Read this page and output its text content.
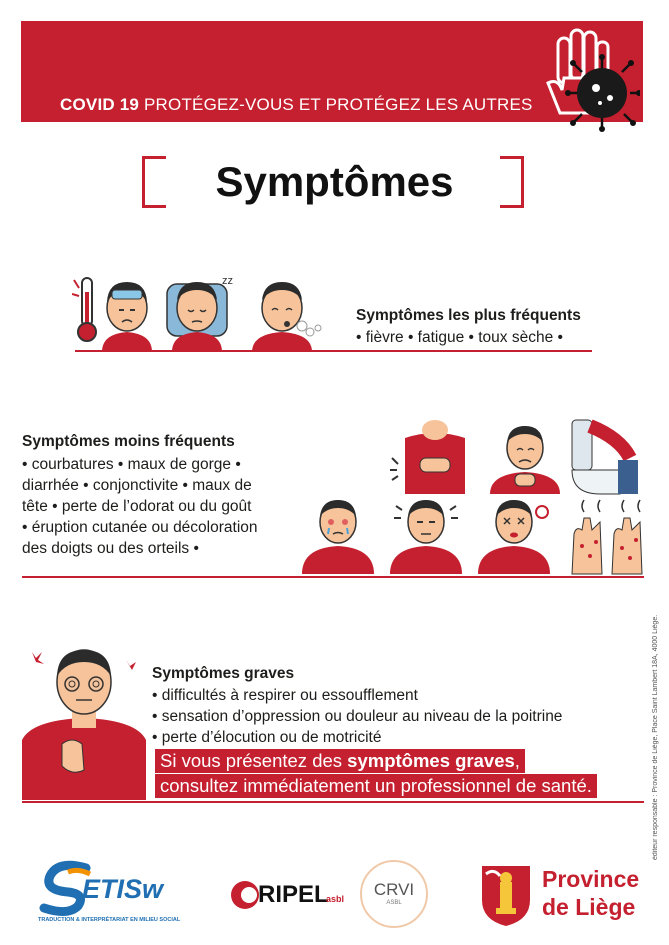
COVID 19 PROTÉGEZ-VOUS ET PROTÉGEZ LES AUTRES
Symptômes
zz
Symptômes les plus fréquents
• fièvre • fatigue • toux sèche •
Symptômes moins fréquents
• courbatures • maux de gorge •
diarrhée • conjonctivite • maux de
tête • perte de l’odorat ou du goût
• éruption cutanée ou décoloration
des doigts ou des orteils •
Symptômes graves
• difficultés à respirer ou essoufflement
• sensation d’oppression ou douleur au niveau de la poitrine
• perte d’élocution ou de motricité
Si vous présentez des symptômes graves,
consultez immédiatement un professionnel de santé.	éditeur responsable : Province de Liège, Place Saint Lambert 18A, 4000 Liège.
ETISw
TRADUCTION & INTERPRÉTARIAT EN MILIEU SOCIAL
RIPEL
asbl	CRVI
ASBL
Province
de Liège
